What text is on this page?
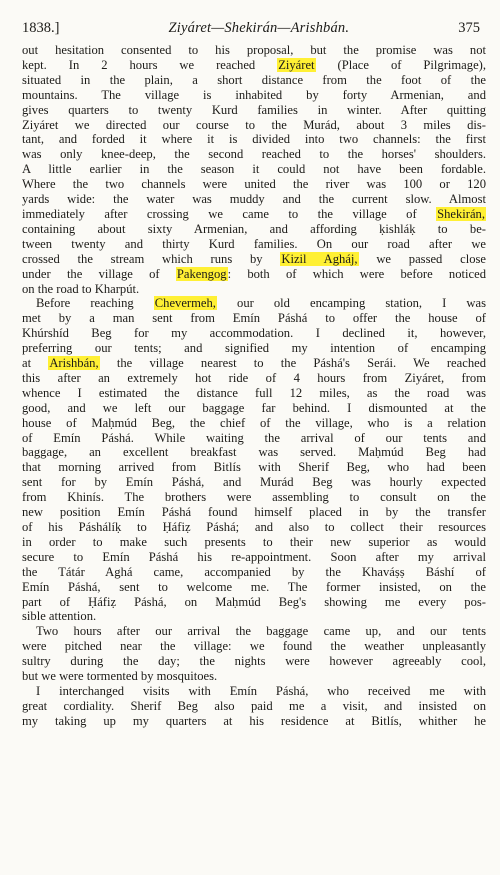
1838.]	Ziyáret—Shekirán—Arishbán.	375
out hesitation consented to his proposal, but the promise was not
kept. In 2 hours we reached Ziyáret (Place of Pilgrimage),
situated in the plain, a short distance from the foot of the
mountains. The village is inhabited by forty Armenian, and
gives quarters to twenty Kurd families in winter. After quitting
Ziyáret we directed our course to the Murád, about 3 miles dis-
tant, and forded it where it is divided into two channels: the first
was only knee-deep, the second reached to the horses' shoulders.
A little earlier in the season it could not have been fordable.
Where the two channels were united the river was 100 or 120
yards wide: the water was muddy and the current slow. Almost
immediately after crossing we came to the village of Shekirán,
containing about sixty Armenian, and affording ḳishláḳ to be-
tween twenty and thirty Kurd families. On our road after we
crossed the stream which runs by Kizil Agháj, we passed close
under the village of Pakengog: both of which were before noticed
on the road to Kharpút.
Before reaching Chevermeh, our old encamping station, I was
met by a man sent from Emín Páshá to offer the house of
Khúrshíd Beg for my accommodation. I declined it, however,
preferring our tents; and signified my intention of encamping
at Arishbán, the village nearest to the Páshá's Serái. We reached
this after an extremely hot ride of 4 hours from Ziyáret, from
whence I estimated the distance full 12 miles, as the road was
good, and we left our baggage far behind. I dismounted at the
house of Maḥmúd Beg, the chief of the village, who is a relation
of Emín Páshá. While waiting the arrival of our tents and
baggage, an excellent breakfast was served. Maḥmúd Beg had
that morning arrived from Bitlís with Sherif Beg, who had been
sent for by Emín Páshá, and Murád Beg was hourly expected
from Khinís. The brothers were assembling to consult on the
new position Emín Páshá found himself placed in by the transfer
of his Páshálíḳ to Ḥáfiẓ Páshá; and also to collect their resources
in order to make such presents to their new superior as would
secure to Emín Páshá his re-appointment. Soon after my arrival
the Tátár Aghá came, accompanied by the Khaváṣṣ Báshí of
Emín Páshá, sent to welcome me. The former insisted, on the
part of Ḥáfiẓ Páshá, on Maḥmúd Beg's showing me every pos-
sible attention.
Two hours after our arrival the baggage came up, and our tents
were pitched near the village: we found the weather unpleasantly
sultry during the day; the nights were however agreeably cool,
but we were tormented by mosquitoes.
I interchanged visits with Emín Páshá, who received me with
great cordiality. Sherif Beg also paid me a visit, and insisted on
my taking up my quarters at his residence at Bitlís, whither he
